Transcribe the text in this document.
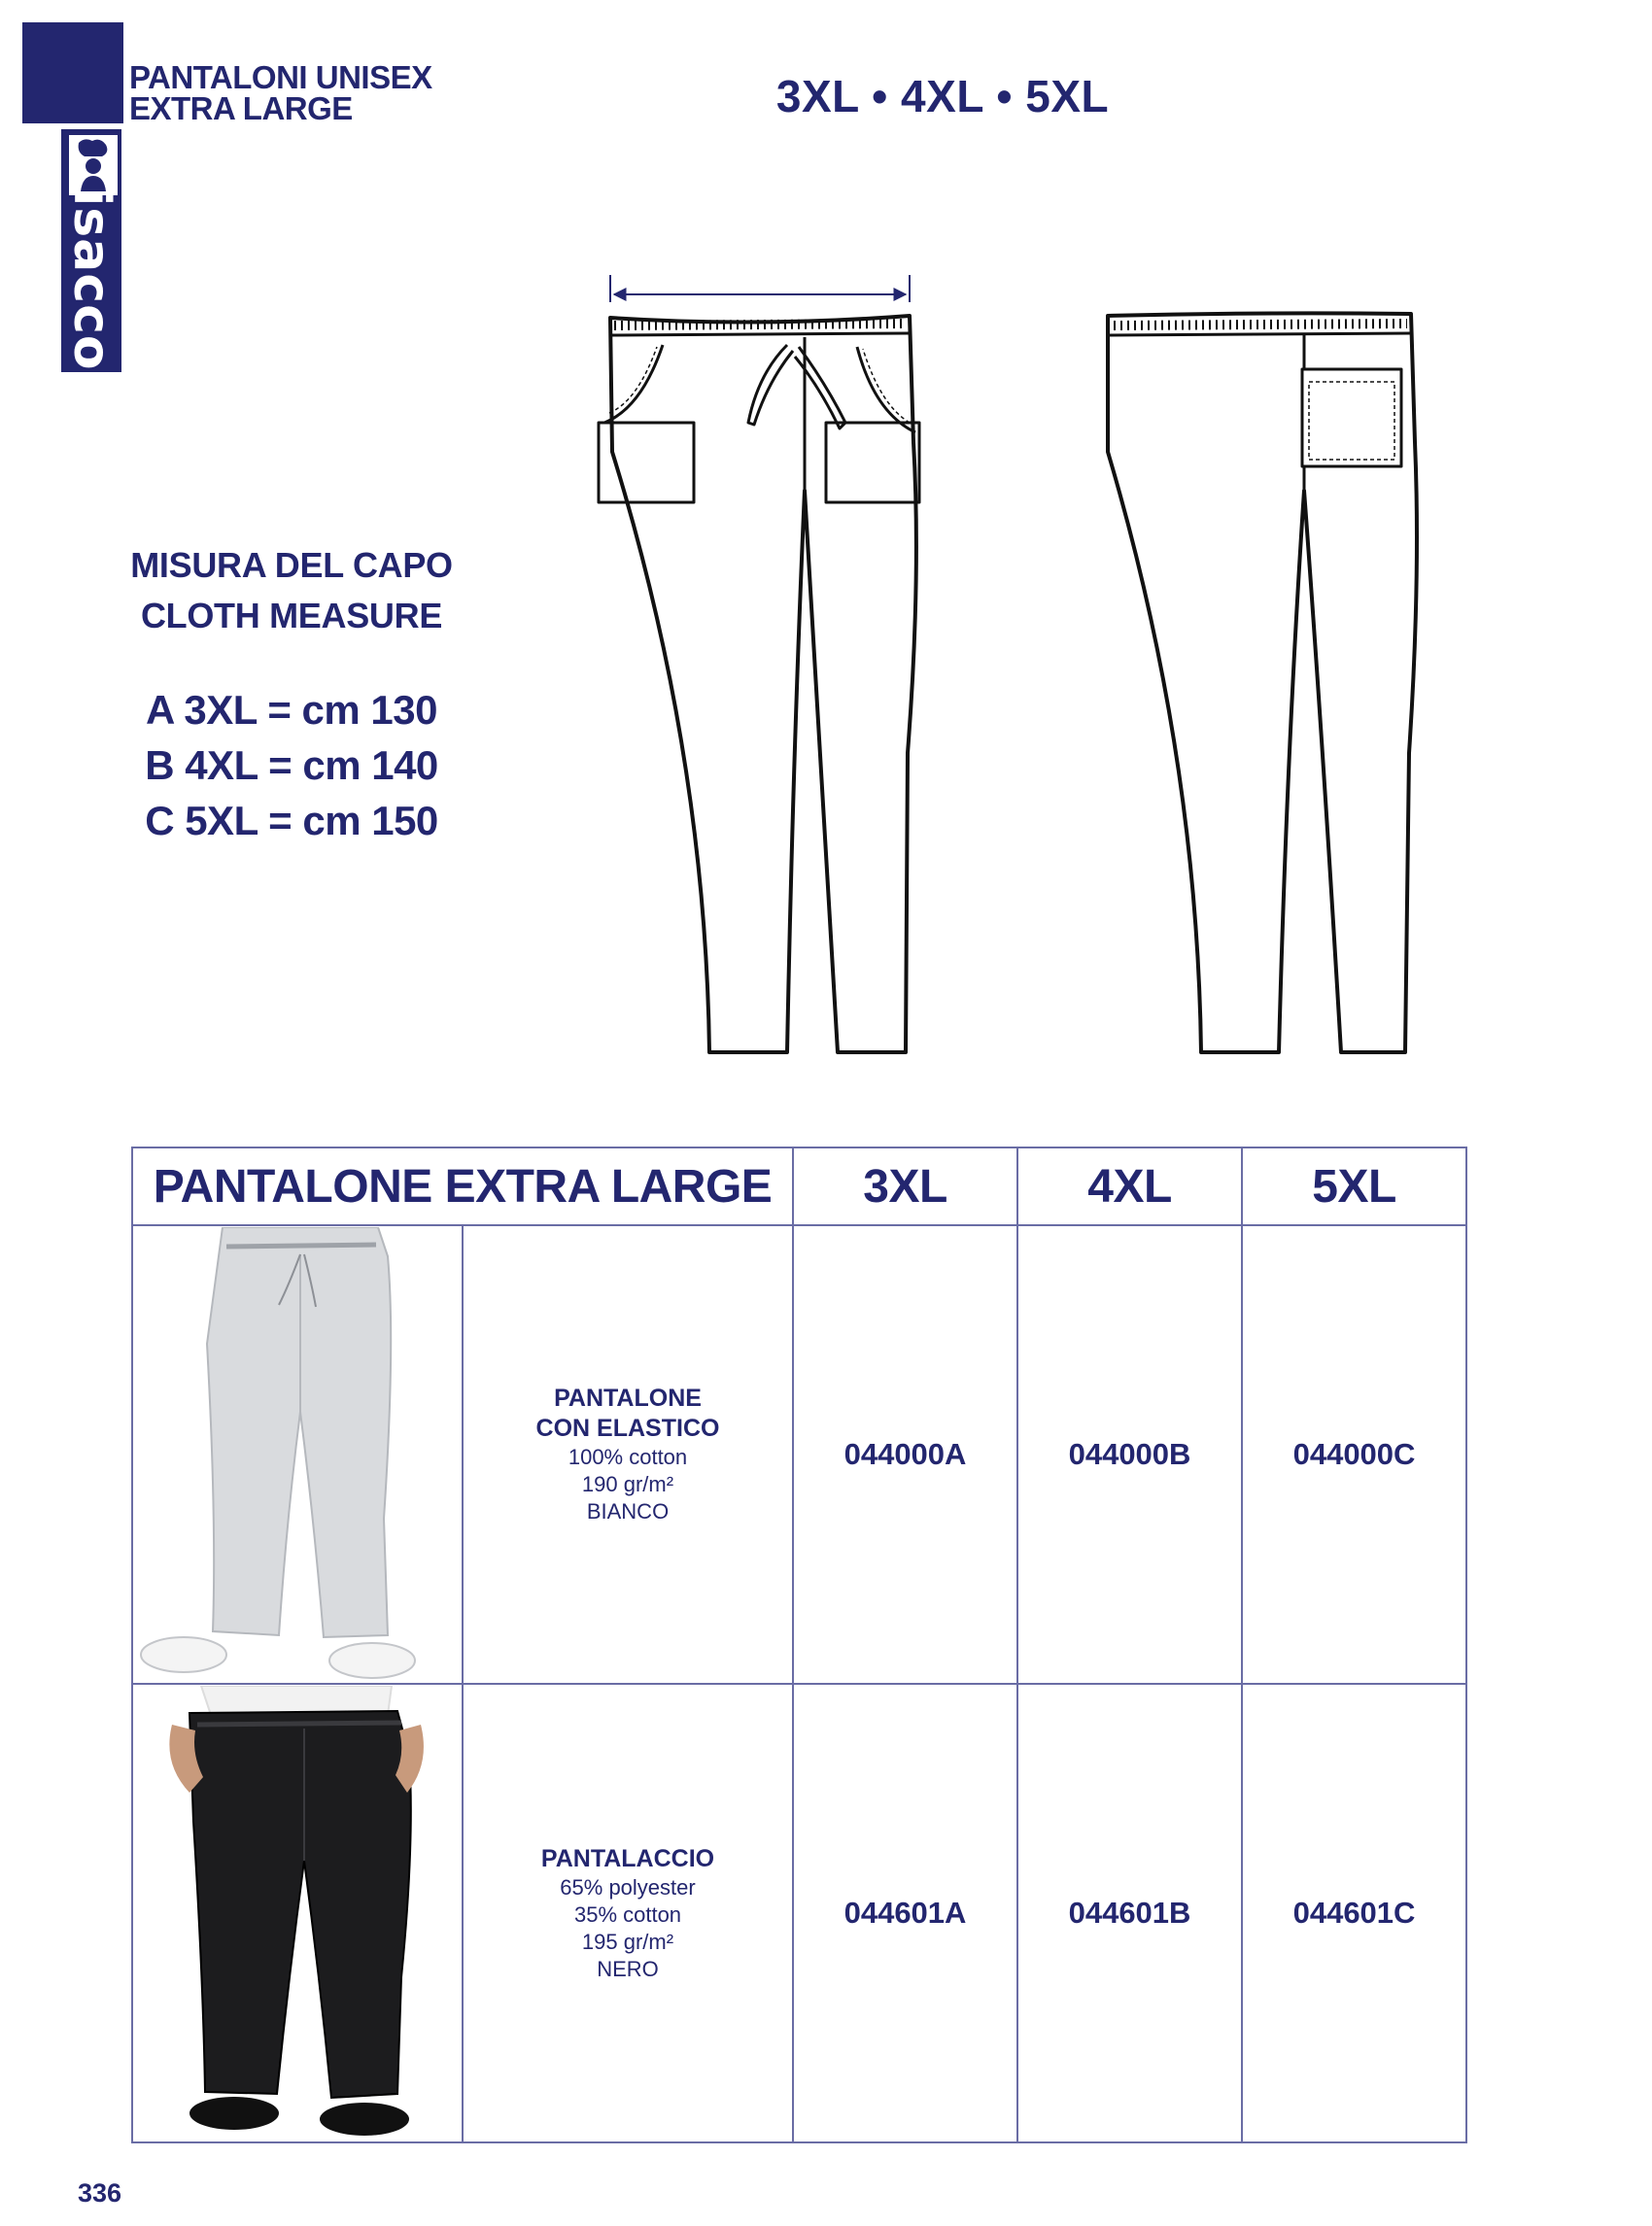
isacco
PANTALONI UNISEX
EXTRA LARGE	3XL • 4XL • 5XL
MISURA DEL CAPO
CLOTH MEASURE
A 3XL = cm 130
B 4XL = cm 140
C 5XL = cm 150
PANTALONE EXTRA LARGE		3XL	4XL	5XL

PANTALONE
CON ELASTICO
100% cotton
190 gr/m²
BIANCO	044000A	044000B	044000C

PANTALACCIO
65% polyester
35% cotton
195 gr/m²
NERO	044601A	044601B	044601C
336
